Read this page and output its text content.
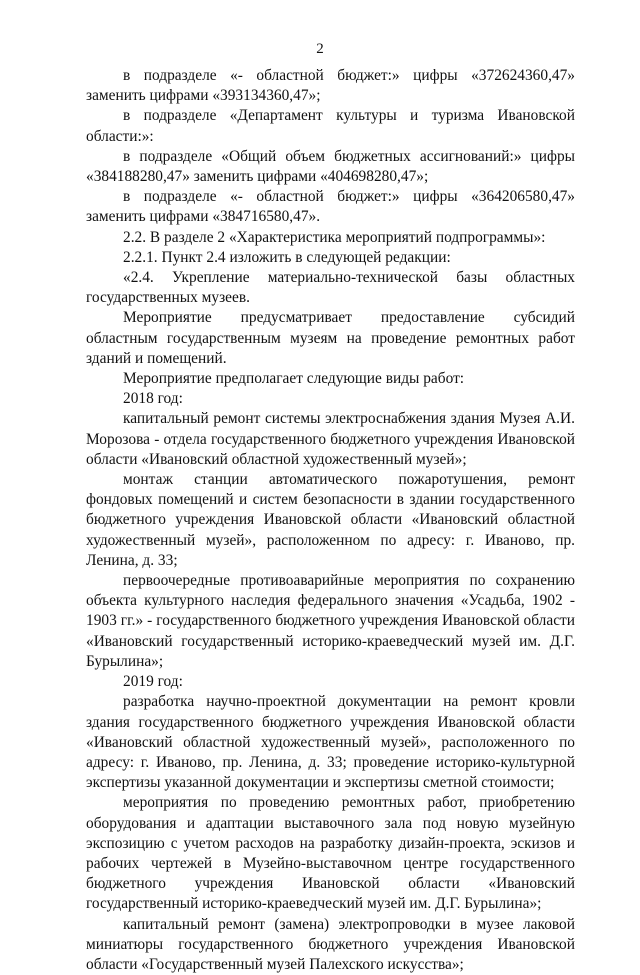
2

в подразделе «- областной бюджет:» цифры «372624360,47» заменить цифрами «393134360,47»;

в подразделе «Департамент культуры и туризма Ивановской области:»:

в подразделе «Общий объем бюджетных ассигнований:» цифры «384188280,47» заменить цифрами «404698280,47»;

в подразделе «- областной бюджет:» цифры «364206580,47» заменить цифрами «384716580,47».

2.2. В разделе 2 «Характеристика мероприятий подпрограммы»:

2.2.1. Пункт 2.4 изложить в следующей редакции:

«2.4. Укрепление материально-технической базы областных государственных музеев.

Мероприятие предусматривает предоставление субсидий областным государственным музеям на проведение ремонтных работ зданий и помещений.

Мероприятие предполагает следующие виды работ:

2018 год:

капитальный ремонт системы электроснабжения здания Музея А.И. Морозова - отдела государственного бюджетного учреждения Ивановской области «Ивановский областной художественный музей»;

монтаж станции автоматического пожаротушения, ремонт фондовых помещений и систем безопасности в здании государственного бюджетного учреждения Ивановской области «Ивановский областной художественный музей», расположенном по адресу: г. Иваново, пр. Ленина, д. 33;

первоочередные противоаварийные мероприятия по сохранению объекта культурного наследия федерального значения «Усадьба, 1902 - 1903 гг.» - государственного бюджетного учреждения Ивановской области «Ивановский государственный историко-краеведческий музей им. Д.Г. Бурылина»;

2019 год:

разработка научно-проектной документации на ремонт кровли здания государственного бюджетного учреждения Ивановской области «Ивановский областной художественный музей», расположенного по адресу: г. Иваново, пр. Ленина, д. 33; проведение историко-культурной экспертизы указанной документации и экспертизы сметной стоимости;

мероприятия по проведению ремонтных работ, приобретению оборудования и адаптации выставочного зала под новую музейную экспозицию с учетом расходов на разработку дизайн-проекта, эскизов и рабочих чертежей в Музейно-выставочном центре государственного бюджетного учреждения Ивановской области «Ивановский государственный историко-краеведческий музей им. Д.Г. Бурылина»;

капитальный ремонт (замена) электропроводки в музее лаковой миниатюры государственного бюджетного учреждения Ивановской области «Государственный музей Палехского искусства»;
